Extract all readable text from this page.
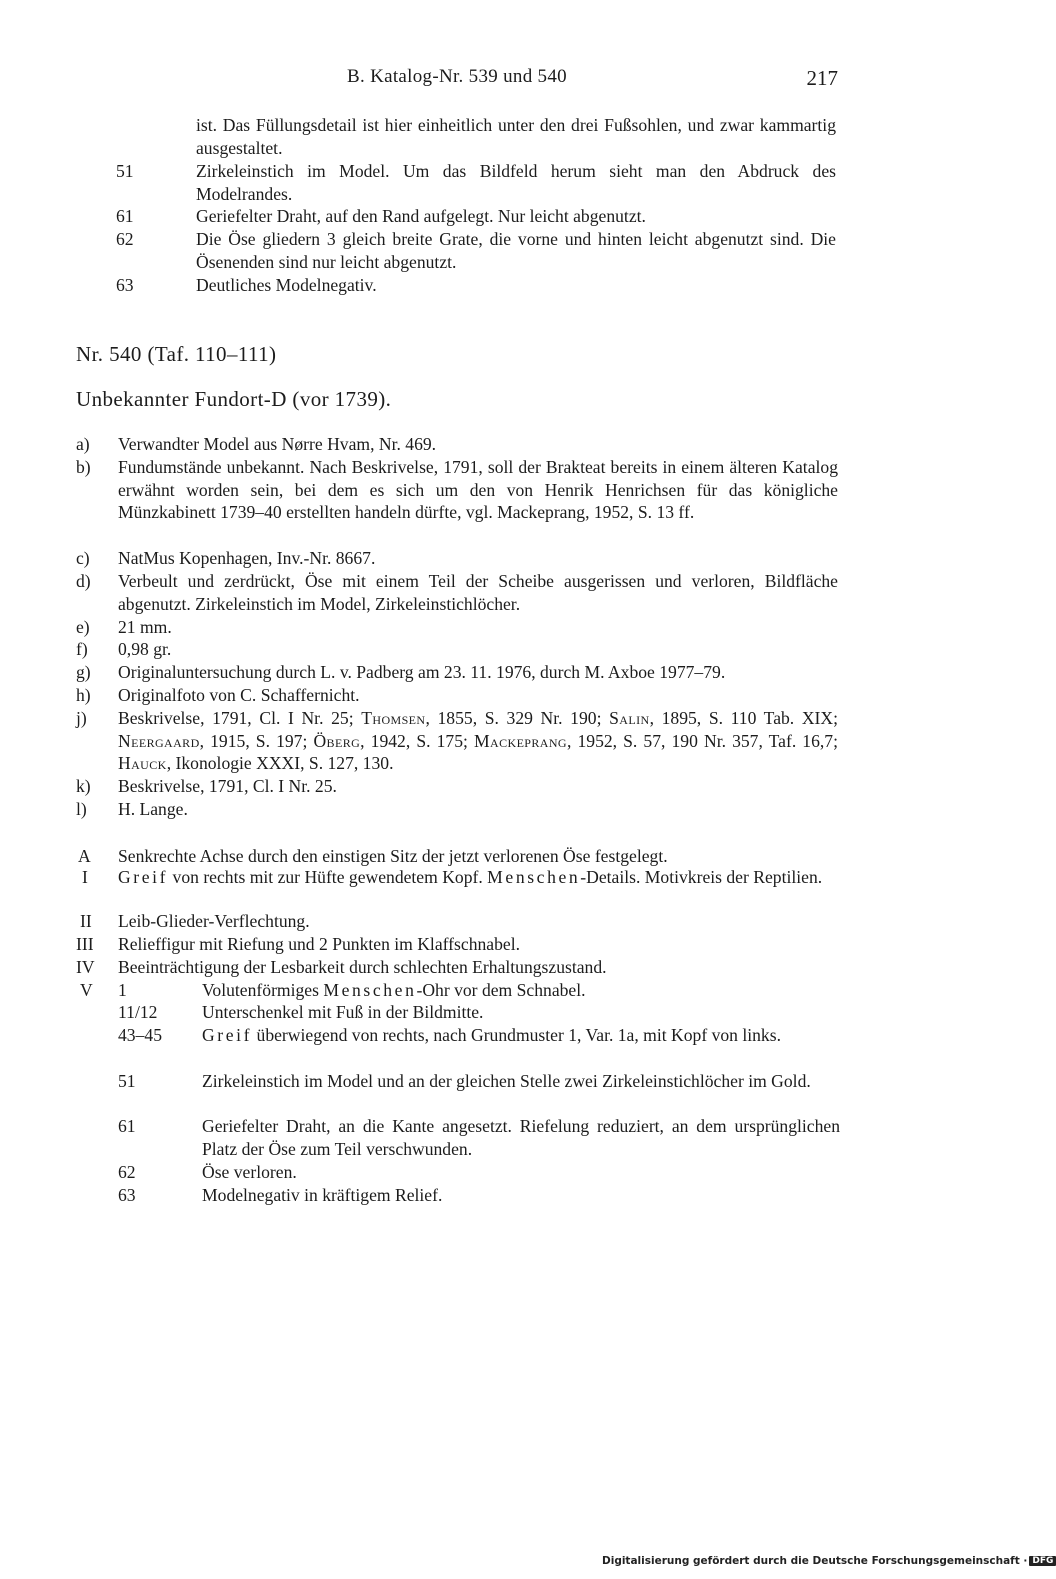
B. Katalog-Nr. 539 und 540	217
ist. Das Füllungsdetail ist hier einheitlich unter den drei Fußsohlen, und zwar kammartig ausgestaltet.
51	Zirkeleinstich im Model. Um das Bildfeld herum sieht man den Abdruck des Modelrandes.
61	Geriefelter Draht, auf den Rand aufgelegt. Nur leicht abgenutzt.
62	Die Öse gliedern 3 gleich breite Grate, die vorne und hinten leicht abgenutzt sind. Die Ösenenden sind nur leicht abgenutzt.
63	Deutliches Modelnegativ.
Nr. 540 (Taf. 110–111)
Unbekannter Fundort-D (vor 1739).
a) Verwandter Model aus Nørre Hvam, Nr. 469.
b) Fundumstände unbekannt. Nach Beskrivelse, 1791, soll der Brakteat bereits in einem älteren Katalog erwähnt worden sein, bei dem es sich um den von Henrik Henrichsen für das königliche Münzkabinett 1739–40 erstellten handeln dürfte, vgl. Mackeprang, 1952, S. 13 ff.
c) NatMus Kopenhagen, Inv.-Nr. 8667.
d) Verbeult und zerdrückt, Öse mit einem Teil der Scheibe ausgerissen und verloren, Bildfläche abgenutzt. Zirkeleinstich im Model, Zirkeleinstichlöcher.
e) 21 mm.
f) 0,98 gr.
g) Originaluntersuchung durch L. v. Padberg am 23. 11. 1976, durch M. Axboe 1977–79.
h) Originalfoto von C. Schaffernicht.
j) Beskrivelse, 1791, Cl. I Nr. 25; Thomsen, 1855, S. 329 Nr. 190; Salin, 1895, S. 110 Tab. XIX; Neergaard, 1915, S. 197; Öberg, 1942, S. 175; Mackeprang, 1952, S. 57, 190 Nr. 357, Taf. 16,7; Hauck, Ikonologie XXXI, S. 127, 130.
k) Beskrivelse, 1791, Cl. I Nr. 25.
l) H. Lange.
A Senkrechte Achse durch den einstigen Sitz der jetzt verlorenen Öse festgelegt.
I Greif von rechts mit zur Hüfte gewendetem Kopf. Menschen-Details. Motivkreis der Reptilien.
II Leib-Glieder-Verflechtung.
III Relieffigur mit Riefung und 2 Punkten im Klaffschnabel.
IV Beeinträchtigung der Lesbarkeit durch schlechten Erhaltungszustand.
V 1	Volutenförmiges Menschen-Ohr vor dem Schnabel.
11/12	Unterschenkel mit Fuß in der Bildmitte.
43–45 Greif überwiegend von rechts, nach Grundmuster 1, Var. 1a, mit Kopf von links.
51	Zirkeleinstich im Model und an der gleichen Stelle zwei Zirkeleinstichlöcher im Gold.
61	Geriefelter Draht, an die Kante angesetzt. Riefelung reduziert, an dem ursprünglichen Platz der Öse zum Teil verschwunden.
62	Öse verloren.
63	Modelnegativ in kräftigem Relief.
Digitalisierung gefördert durch die Deutsche Forschungsgemeinschaft · DFG
